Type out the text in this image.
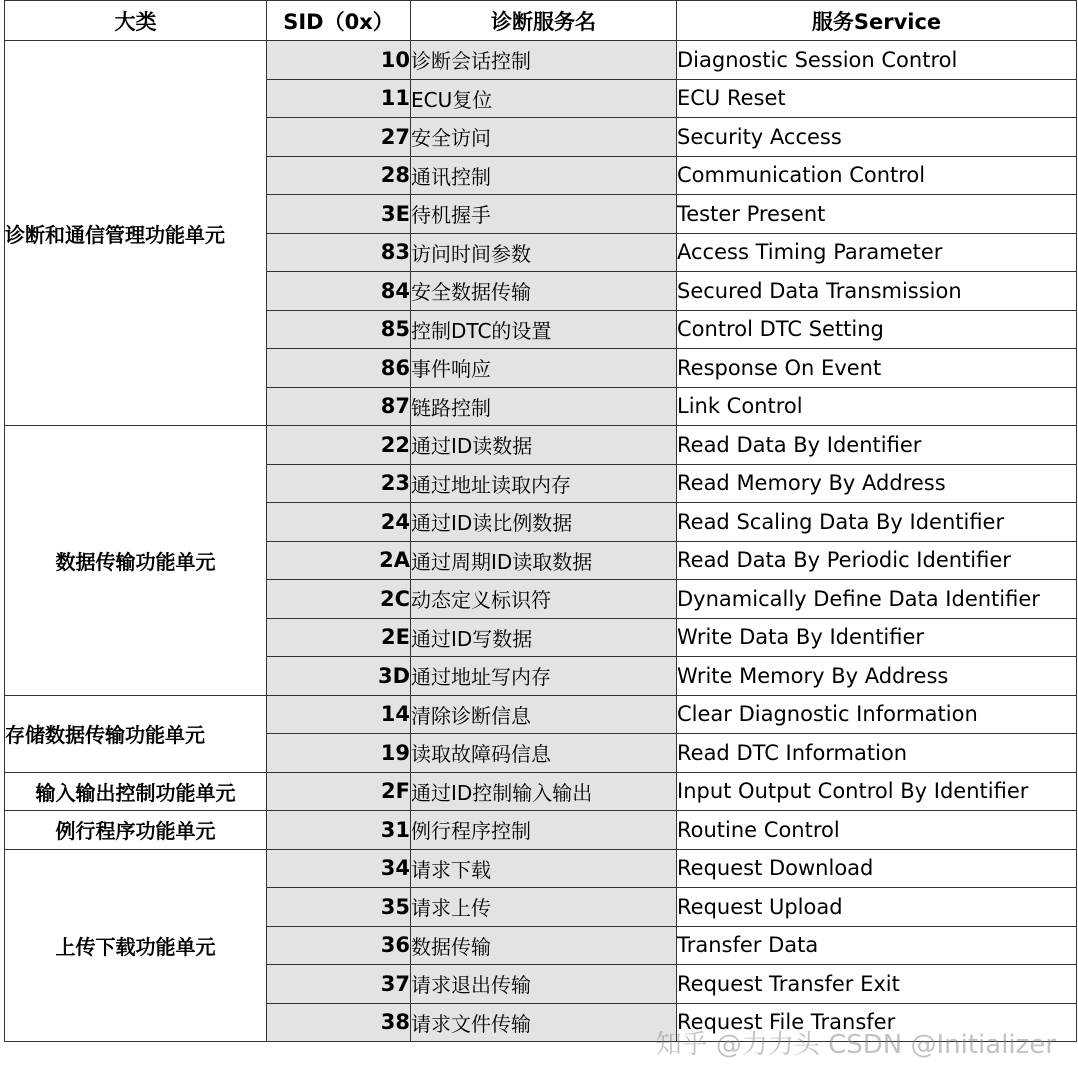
大类	SID（0x）	诊断服务名	服务Service
诊断和通信管理功能单元	10	诊断会话控制	Diagnostic Session Control
	11	ECU复位	ECU Reset
	27	安全访问	Security Access
	28	通讯控制	Communication Control
	3E	待机握手	Tester Present
	83	访问时间参数	Access Timing Parameter
	84	安全数据传输	Secured Data Transmission
	85	控制DTC的设置	Control DTC Setting
	86	事件响应	Response On Event
	87	链路控制	Link Control
数据传输功能单元	22	通过ID读数据	Read Data By Identifier
	23	通过地址读取内存	Read Memory By Address
	24	通过ID读比例数据	Read Scaling Data By Identifier
	2A	通过周期ID读取数据	Read Data By Periodic Identifier
	2C	动态定义标识符	Dynamically Define Data Identifier
	2E	通过ID写数据	Write Data By Identifier
	3D	通过地址写内存	Write Memory By Address
存储数据传输功能单元	14	清除诊断信息	Clear Diagnostic Information
	19	读取故障码信息	Read DTC Information
输入输出控制功能单元	2F	通过ID控制输入输出	Input Output Control By Identifier
例行程序功能单元	31	例行程序控制	Routine Control
上传下载功能单元	34	请求下载	Request Download
	35	请求上传	Request Upload
	36	数据传输	Transfer Data
	37	请求退出传输	Request Transfer Exit
	38	请求文件传输	Request File Transfer
知乎 @力力头 CSDN @Initializer
